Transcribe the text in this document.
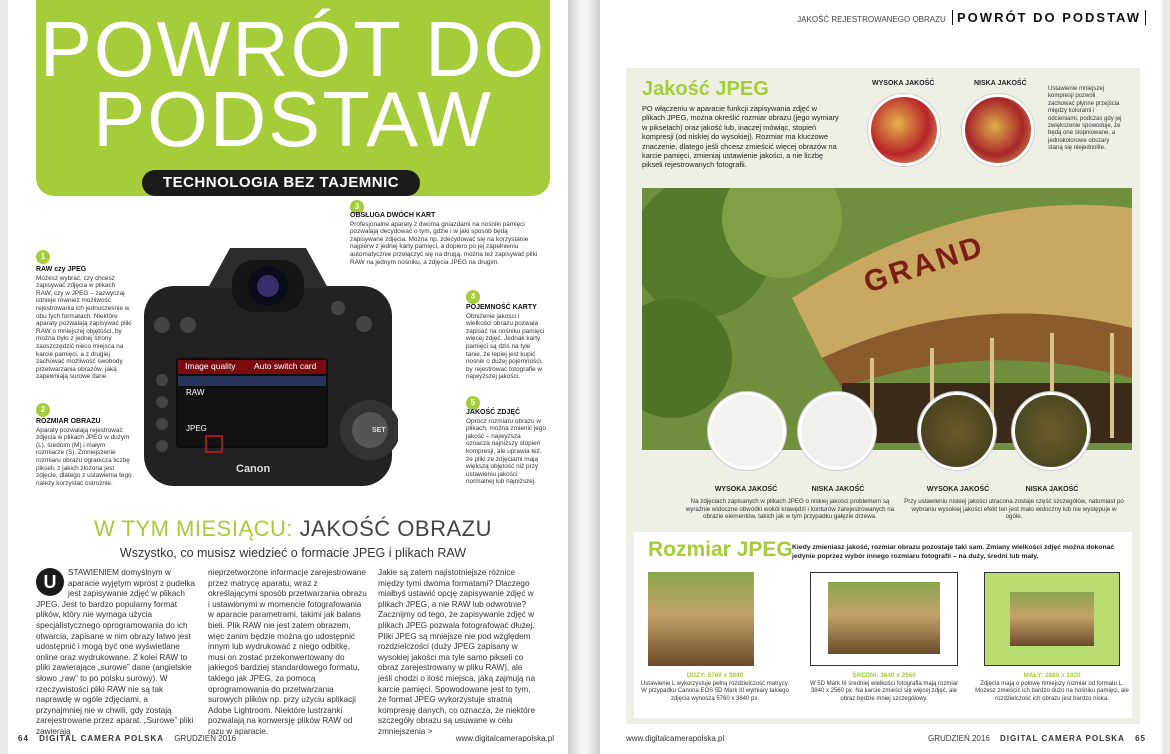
POWRÓT DO
PODSTAW
TECHNOLOGIA BEZ TAJEMNIC
Image quality Auto switch card
RAW
JPEG
Canon
SET
1
RAW czy JPEG
Możesz wybrać, czy chcesz zapisywać zdjęcia w plikach RAW, czy w JPEG – zazwyczaj istnieje również możliwość rejestrowania ich jednocześnie w obu tych formatach. Niektóre aparaty pozwalają zapisywać pliki RAW o mniejszej objętości, by można było z jednej strony zaoszczędzić nieco miejsca na karcie pamięci, a z drugiej zachować możliwość swobody przetwarzania obrazów, jaką zapewniają surowe dane.
2
ROZMIAR OBRAZU
Aparaty pozwalają rejestrować zdjęcia w plikach JPEG w dużym (L), średnim (M) i małym rozmiarze (S). Zmniejszenie rozmiaru obrazu ogranicza liczbę pikseli, z jakich złożona jest zdjęcie, dlatego z ustawienia tego należy korzystać ostrożnie.
3
OBSŁUGA DWÓCH KART
Profesjonalne aparaty z dwoma gniazdami na nośniki pamięci pozwalają decydować o tym, gdzie i w jaki sposób będą zapisywane zdjęcia. Można np. zdecydować się na korzystanie najpierw z jednej karty pamięci, a dopiero po jej zapełnieniu automatycznie przełączyć się na drugą, można też zapisywać pliki RAW na jednym nośniku, a zdjęcia JPEG na drugim.
4
POJEMNOŚĆ KARTY
Obniżenie jakości i wielkości obrazu pozwala zapisać na nośniku pamięci więcej zdjęć. Jednak karty pamięci są dziś na tyle tanie, że lepiej jest kupić nośnik o dużej pojemności, by rejestrować fotografie w najwyższej jakości.
5
JAKOŚĆ ZDJĘĆ
Oprócz rozmiaru obrazu w plikach, można zmienić jego jakość – najwyższa oznacza najniższy stopień kompresji, ale uprawia też, że pliki ze zdjęciami mają większą objętość niż przy ustawieniu jakości normalnej lub najniższej.
W TYM MIESIĄCU: JAKOŚĆ OBRAZU
Wszystko, co musisz wiedzieć o formacie JPEG i plikach RAW
U	STAWIENIEM domyślnym w aparacie wyjętym wprost z pudełka jest zapisywanie zdjęć w plikach JPEG. Jest to bardzo popularny format plików, który nie wymaga użycia specjalistycznego oprogramowania do ich otwarcia, zapisane w nim obrazy łatwo jest udostępnić i mogą być one wyświetlane online oraz wydrukowane. Z kolei RAW to pliki zawierające „surowe” dane (angielskie słowo „raw” to po polsku surowy). W rzeczywistości pliki RAW nie są tak naprawdę w ogóle zdjęciami, a przynajmniej nie w chwili, gdy zostają zarejestrowane przez aparat. „Surowe” pliki zawierają
nieprzetworzone informacje zarejestrowane przez matrycę aparatu, wraz z określającymi sposób przetwarzania obrazu i ustawionymi w momencie fotografowania w aparacie parametrami, takimi jak balans bieli. Plik RAW nie jest zatem obrazem, więc zanim będzie można go udostępnić innym lub wydrukować z niego odbitkę, musi on zostać przekonwertowany do jakiegoś bardziej standardowego formatu, takiego jak JPEG, za pomocą oprogramowania do przetwarzania surowych plików np. przy użyciu aplikacji Adobe Lightroom. Niektóre lustrzanki pozwalają na konwersję plików RAW od razu w aparacie.
Jakie są zatem najistotniejsze różnice między tymi dwoma formatami? Dlaczego miałbyś ustawić opcję zapisywanie zdjęć w plikach JPEG, a nie RAW lub odwrotnie? Zacznijmy od tego, że zapisywanie zdjęć w plikach JPEG pozwala fotografować dłużej. Pliki JPEG są mniejsze nie pod względem rozdzielczości (duży JPEG zapisany w wysokiej jakości ma tyle samo pikseli co obraz zarejestrowany w pliku RAW), ale jeśli chodzi o ilość miejsca, jaką zajmują na karcie pamięci. Spowodowane jest to tym, że format JPEG wykorzystuje stratną kompresję danych, co oznacza, że niektóre szczegóły obrazu są usuwane w celu zmniejszenia >
64 DIGITAL CAMERA POLSKA GRUDZIEŃ 2016	www.digitalcamerapolska.pl
JAKOŚĆ REJESTROWANEGO OBRAZU POWRÓT DO PODSTAW
Jakość JPEG
PO włączeniu w aparacie funkcji zapisywania zdjęć w plikach JPEG, można określić rozmiar obrazu (jego wymiary w pikselach) oraz jakość lub, inaczej mówiąc, stopień kompresji (od niskiej do wysokiej). Rozmiar ma kluczowe znaczenie, dlatego jeśli chcesz zmieścić więcej obrazów na karcie pamięci, zmieniaj ustawienie jakości, a nie liczbę pikseli rejestrowanych fotografii.
WYSOKA JAKOŚĆ	NISKA JAKOŚĆ
Ustawienie mniejszej kompresji pozwoli zachować płynne przejścia między kolorami i odcieniami, podczas gdy jej zwiększenie spowoduje, że będą one stopniowane, a jednokolorowe obszary staną się niejednolite.
GRAND
WYSOKA JAKOŚĆ	NISKA JAKOŚĆ	WYSOKA JAKOŚĆ	NISKA JAKOŚĆ
Na zdjęciach zapisanych w plikach JPEG o niskiej jakości problemem są wyraźnie widoczne obwódki wokół krawędzi i konturów zarejestrowanych na obrazie elementów, takich jak w tym przypadku gałęzie drzewa.
Przy ustawieniu niskiej jakości utracona zostaje część szczegółów, natomiast po wybraniu wysokiej jakości efekt ten jest mało widoczny lub nie występuje w ogóle.
Rozmiar JPEG Kiedy zmieniasz jakość, rozmiar obrazu pozostaje taki sam. Zmiany wielkości zdjęć można dokonać jedynie poprzez wybór innego rozmiaru fotografii – na duży, średni lub mały.
DUŻY: 5760 x 3840
Ustawienie L wykorzystuje pełną rozdzielczość matrycy. W przypadku Canona EOS 5D Mark III wymiary takiego zdjęcia wynoszą 5760 x 3840 px.
ŚREDNI: 3840 x 2560
W 5D Mark III średniej wielkości fotografia mają rozmiar 3840 x 2560 px. Na karcie zmieści się więcej zdjęć, ale obraz będzie mniej szczegółowy.
MAŁY: 2880 x 1920
Zdjęcia mają o połowę mniejszy rozmiar od formatu L. Możesz zmieścić ich bardzo dużo na nośniku pamięci, ale rozdzielczość ich obrazu jest bardzo niska.
www.digitalcamerapolska.pl	GRUDZIEŃ 2016 DIGITAL CAMERA POLSKA 65
